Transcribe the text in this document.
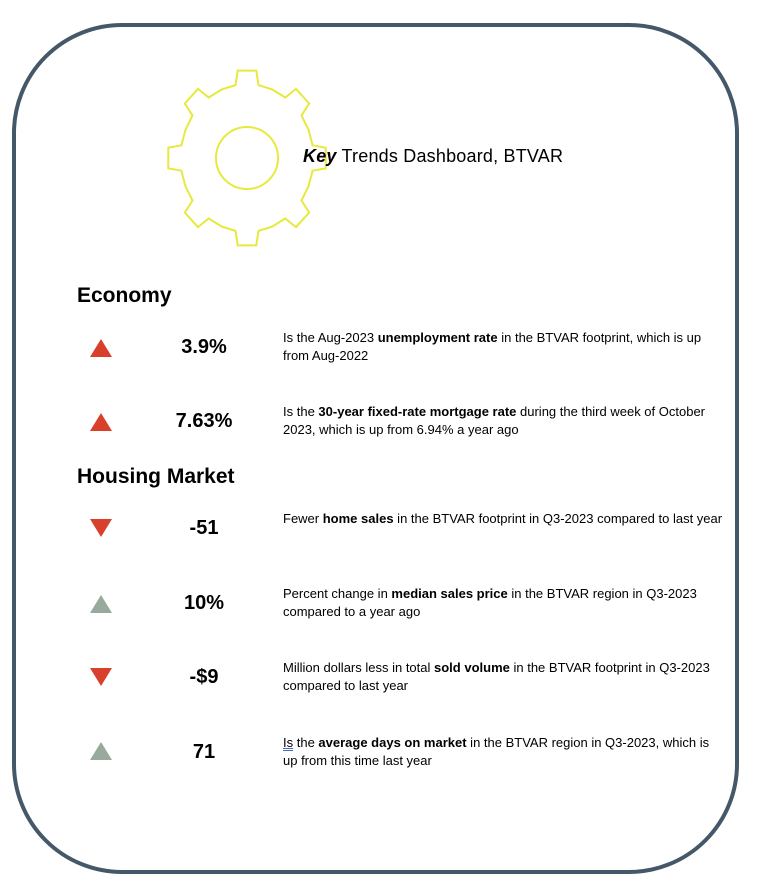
Key Trends Dashboard, BTVAR
Economy
3.9%	Is the Aug-2023 unemployment rate in the BTVAR footprint, which is up from Aug-2022
7.63%	Is the 30-year fixed-rate mortgage rate during the third week of October 2023, which is up from 6.94% a year ago
Housing Market
-51	Fewer home sales in the BTVAR footprint in Q3-2023 compared to last year
10%	Percent change in median sales price in the BTVAR region in Q3-2023 compared to a year ago
-$9	Million dollars less in total sold volume in the BTVAR footprint in Q3-2023 compared to last year
71	Is the average days on market in the BTVAR region in Q3-2023, which is up from this time last year
